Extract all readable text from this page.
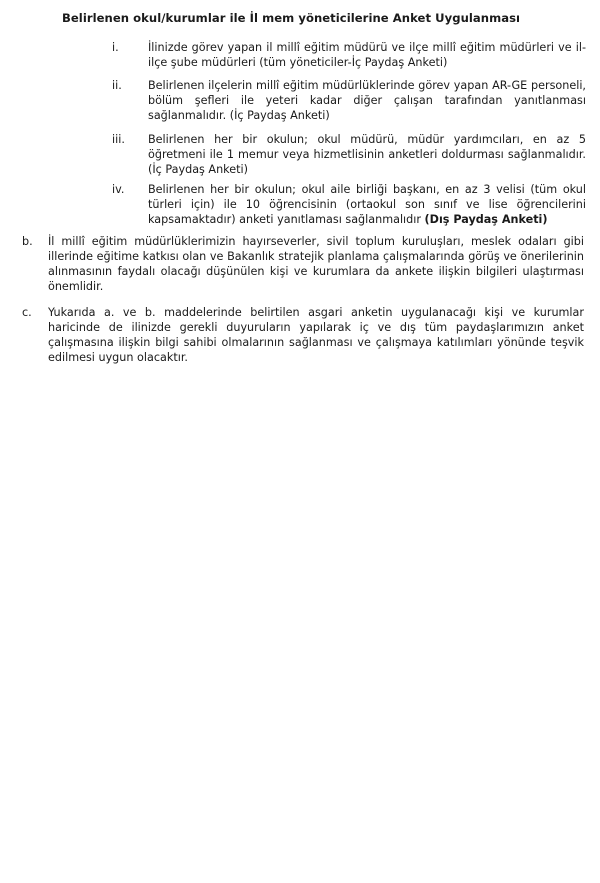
Belirlenen okul/kurumlar ile İl mem yöneticilerine Anket Uygulanması
i.	İlinizde görev yapan il millî eğitim müdürü ve ilçe millî eğitim müdürleri ve il-ilçe şube müdürleri (tüm yöneticiler-İç Paydaş Anketi)
ii.	Belirlenen ilçelerin millî eğitim müdürlüklerinde görev yapan AR-GE personeli, bölüm şefleri ile yeteri kadar diğer çalışan tarafından yanıtlanması sağlanmalıdır. (İç Paydaş Anketi)
iii.	Belirlenen her bir okulun; okul müdürü, müdür yardımcıları, en az 5 öğretmeni ile 1 memur veya hizmetlisinin anketleri doldurması sağlanmalıdır. (İç Paydaş Anketi)
iv.	Belirlenen her bir okulun; okul aile birliği başkanı, en az 3 velisi (tüm okul türleri için) ile 10 öğrencisinin (ortaokul son sınıf ve lise öğrencilerini kapsamaktadır) anketi yanıtlaması sağlanmalıdır (Dış Paydaş Anketi)
b.	İl millî eğitim müdürlüklerimizin hayırseverler, sivil toplum kuruluşları, meslek odaları gibi illerinde eğitime katkısı olan ve Bakanlık stratejik planlama çalışmalarında görüş ve önerilerinin alınmasının faydalı olacağı düşünülen kişi ve kurumlara da ankete ilişkin bilgileri ulaştırması önemlidir.
c.	Yukarıda a. ve b. maddelerinde belirtilen asgari anketin uygulanacağı kişi ve kurumlar haricinde de ilinizde gerekli duyuruların yapılarak iç ve dış tüm paydaşlarımızın anket çalışmasına ilişkin bilgi sahibi olmalarının sağlanması ve çalışmaya katılımları yönünde teşvik edilmesi uygun olacaktır.
